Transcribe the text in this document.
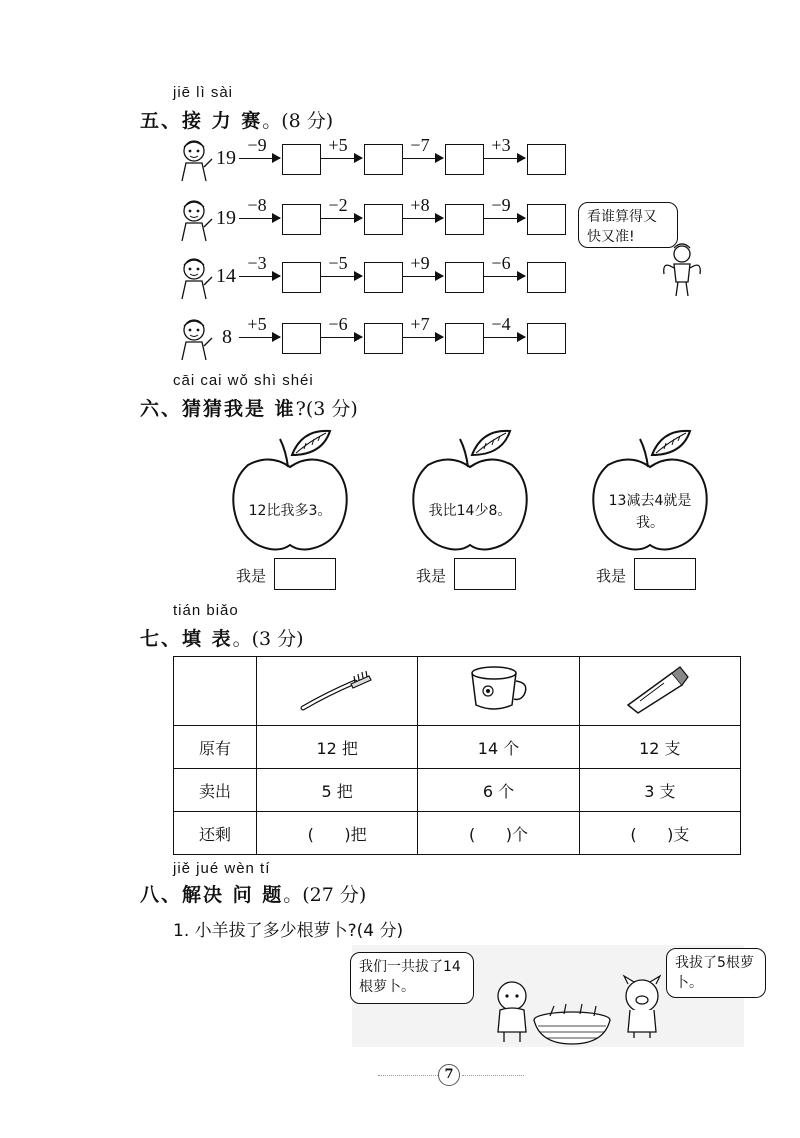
jiē lì sài
五、接 力 赛。(8 分)
19
−9	+5	−7	+3
19
−8	−2	+8	−9
14
−3	−5	+9	−6
8
+5	−6	+7	−4
看谁算得又快又准!
cāi cai wǒ shì shéi
六、猜猜我是 谁?(3 分)
12比我多3。
我是
我比14少8。
我是
13减去4就是我。
我是
tián biǎo
七、填 表。(3 分)

原有	12 把	14 个	12 支
卖出	5 把	6 个	3 支
还剩	(      )把	(      )个	(      )支
jiě jué wèn tí
八、解决 问 题。(27 分)
1. 小羊拔了多少根萝卜?(4 分)
我们一共拔了14根萝卜。
我拔了5根萝卜。
7
